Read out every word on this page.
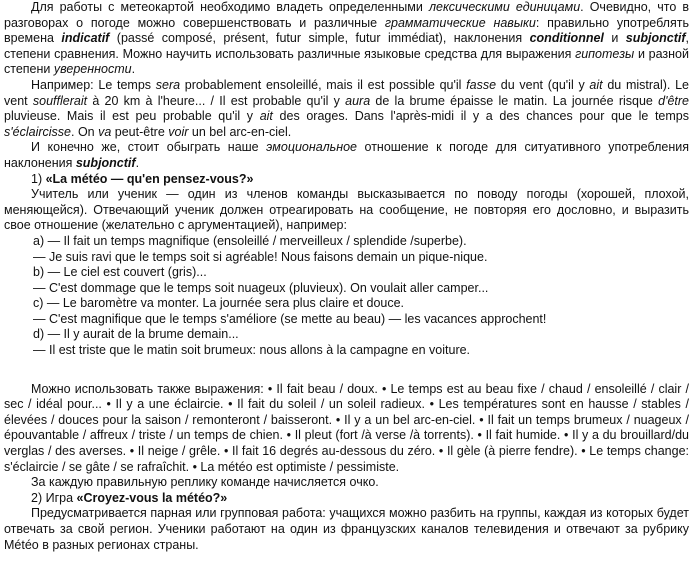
Для работы с метеокартой необходимо владеть определенными лексическими единицами. Очевидно, что в разговорах о погоде можно совершенствовать и различные грамматические навыки: правильно употреблять времена indicatif (passé composé, présent, futur simple, futur immédiat), наклонения conditionnel и subjonctif, степени сравнения. Можно научить использовать различные языковые средства для выражения гипотезы и разной степени уверенности.

Например: Le temps sera probablement ensoleillé, mais il est possible qu'il fasse du vent (qu'il y ait du mistral). Le vent soufflerait à 20 km à l'heure... / Il est probable qu'il y aura de la brume épaisse le matin. La journée risque d'être pluvieuse. Mais il est peu probable qu'il y ait des orages. Dans l'après-midi il y a des chances pour que le temps s'éclaircisse. On va peut-être voir un bel arc-en-ciel.

И конечно же, стоит обыграть наше эмоциональное отношение к погоде для ситуативного употребления наклонения subjonctif.

1) «La météo — qu'en pensez-vous?»

Учитель или ученик — один из членов команды высказывается по поводу погоды (хорошей, плохой, меняющейся). Отвечающий ученик должен отреагировать на сообщение, не повторяя его дословно, и выразить свое отношение (желательно с аргументацией), например:

a) — Il fait un temps magnifique (ensoleillé / merveilleux / splendide /superbe).

— Je suis ravi que le temps soit si agréable! Nous faisons demain un pique-nique.

b) — Le ciel est couvert (gris)...

— C'est dommage que le temps soit nuageux (pluvieux). On voulait aller camper...

c) — Le baromètre va monter. La journée sera plus claire et douce.

— C'est magnifique que le temps s'améliore (se mette au beau) — les vacances approchent!

d) — Il y aurait de la brume demain...

— Il est triste que le matin soit brumeux: nous allons à la campagne en voiture.

Можно использовать также выражения: • Il fait beau / doux. • Le temps est au beau fixe / chaud / ensoleillé / clair / sec / idéal pour... • Il y a une éclaircie. • Il fait du soleil / un soleil radieux. • Les températures sont en hausse / stables / élevées / douces pour la saison / remonteront / baisseront. • Il y a un bel arc-en-ciel. • Il fait un temps brumeux / nuageux / épouvantable / affreux / triste / un temps de chien. • Il pleut (fort /à verse /à torrents). • Il fait humide. • Il y a du brouillard/du verglas / des averses. • Il neige / grêle. • Il fait 16 degrés au-dessous du zéro. • Il gèle (à pierre fendre). • Le temps change: s'éclaircie / se gâte / se rafraîchit. • La météo est optimiste / pessimiste.

За каждую правильную реплику команде начисляется очко.

2) Игра «Croyez-vous la météo?»

Предусматривается парная или групповая работа: учащихся можно разбить на группы, каждая из которых будет отвечать за свой регион. Ученики работают на один из французских каналов телевидения и отвечают за рубрику Météo в разных регионах страны.
